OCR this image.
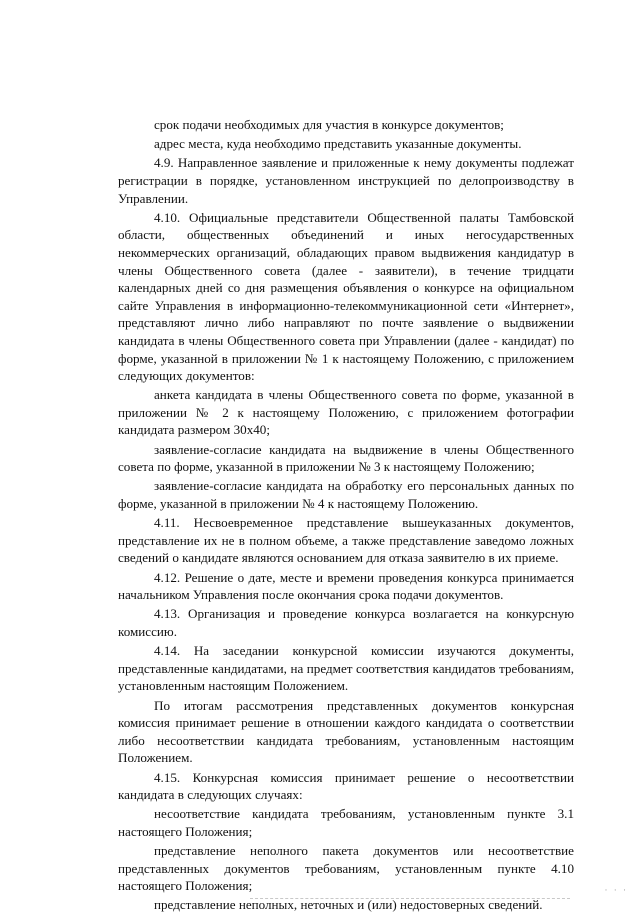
срок подачи необходимых для участия в конкурсе документов;

адрес места, куда необходимо представить указанные документы.

4.9. Направленное заявление и приложенные к нему документы подлежат регистрации в порядке, установленном инструкцией по делопроизводству в Управлении.

4.10. Официальные представители Общественной палаты Тамбовской области, общественных объединений и иных негосударственных некоммерческих организаций, обладающих правом выдвижения кандидатур в члены Общественного совета (далее - заявители), в течение тридцати календарных дней со дня размещения объявления о конкурсе на официальном сайте Управления в информационно-телекоммуникационной сети «Интернет», представляют лично либо направляют по почте заявление о выдвижении кандидата в члены Общественного совета при Управлении (далее - кандидат) по форме, указанной в приложении № 1 к настоящему Положению, с приложением следующих документов:

анкета кандидата в члены Общественного совета по форме, указанной в приложении № 2 к настоящему Положению, с приложением фотографии кандидата размером 30х40;

заявление-согласие кандидата на выдвижение в члены Общественного совета по форме, указанной в приложении № 3 к настоящему Положению;

заявление-согласие кандидата на обработку его персональных данных по форме, указанной в приложении № 4 к настоящему Положению.

4.11. Несвоевременное представление вышеуказанных документов, представление их не в полном объеме, а также представление заведомо ложных сведений о кандидате являются основанием для отказа заявителю в их приеме.

4.12. Решение о дате, месте и времени проведения конкурса принимается начальником Управления после окончания срока подачи документов.

4.13. Организация и проведение конкурса возлагается на конкурсную комиссию.

4.14. На заседании конкурсной комиссии изучаются документы, представленные кандидатами, на предмет соответствия кандидатов требованиям, установленным настоящим Положением.

По итогам рассмотрения представленных документов конкурсная комиссия принимает решение в отношении каждого кандидата о соответствии либо несоответствии кандидата требованиям, установленным настоящим Положением.

4.15. Конкурсная комиссия принимает решение о несоответствии кандидата в следующих случаях:

несоответствие кандидата требованиям, установленным пункте 3.1 настоящего Положения;

представление неполного пакета документов или несоответствие представленных документов требованиям, установленным пункте 4.10 настоящего Положения;

представление неполных, неточных и (или) недостоверных сведений.

· · ·
